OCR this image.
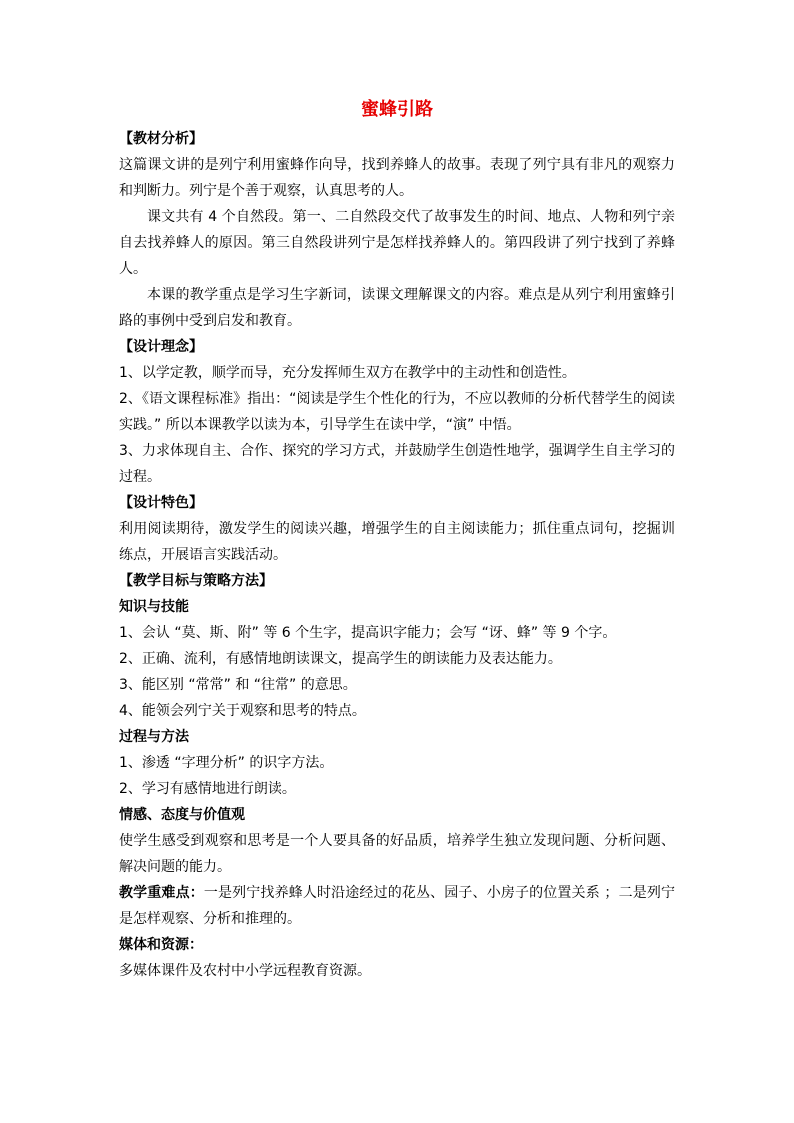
蜜蜂引路

【教材分析】

这篇课文讲的是列宁利用蜜蜂作向导，找到养蜂人的故事。表现了列宁具有非凡的观察力和判断力。列宁是个善于观察，认真思考的人。

课文共有 4 个自然段。第一、二自然段交代了故事发生的时间、地点、人物和列宁亲自去找养蜂人的原因。第三自然段讲列宁是怎样找养蜂人的。第四段讲了列宁找到了养蜂人。

本课的教学重点是学习生字新词，读课文理解课文的内容。难点是从列宁利用蜜蜂引路的事例中受到启发和教育。

【设计理念】

1、以学定教，顺学而导，充分发挥师生双方在教学中的主动性和创造性。

2、《语文课程标准》指出：“阅读是学生个性化的行为，不应以教师的分析代替学生的阅读实践。” 所以本课教学以读为本，引导学生在读中学，“演” 中悟。

3、力求体现自主、合作、探究的学习方式，并鼓励学生创造性地学，强调学生自主学习的过程。

【设计特色】

利用阅读期待，激发学生的阅读兴趣，增强学生的自主阅读能力；抓住重点词句，挖掘训练点，开展语言实践活动。

【教学目标与策略方法】

知识与技能

1、会认 “莫、斯、附” 等 6 个生字，提高识字能力；会写 “讶、蜂” 等 9 个字。

2、正确、流利，有感情地朗读课文，提高学生的朗读能力及表达能力。

3、能区别 “常常” 和 “往常” 的意思。

4、能领会列宁关于观察和思考的特点。

过程与方法

1、渗透 “字理分析” 的识字方法。

2、学习有感情地进行朗读。

情感、态度与价值观

使学生感受到观察和思考是一个人要具备的好品质，培养学生独立发现问题、分析问题、解决问题的能力。

教学重难点：一是列宁找养蜂人时沿途经过的花丛、园子、小房子的位置关系 ；二是列宁是怎样观察、分析和推理的。

媒体和资源：

多媒体课件及农村中小学远程教育资源。
